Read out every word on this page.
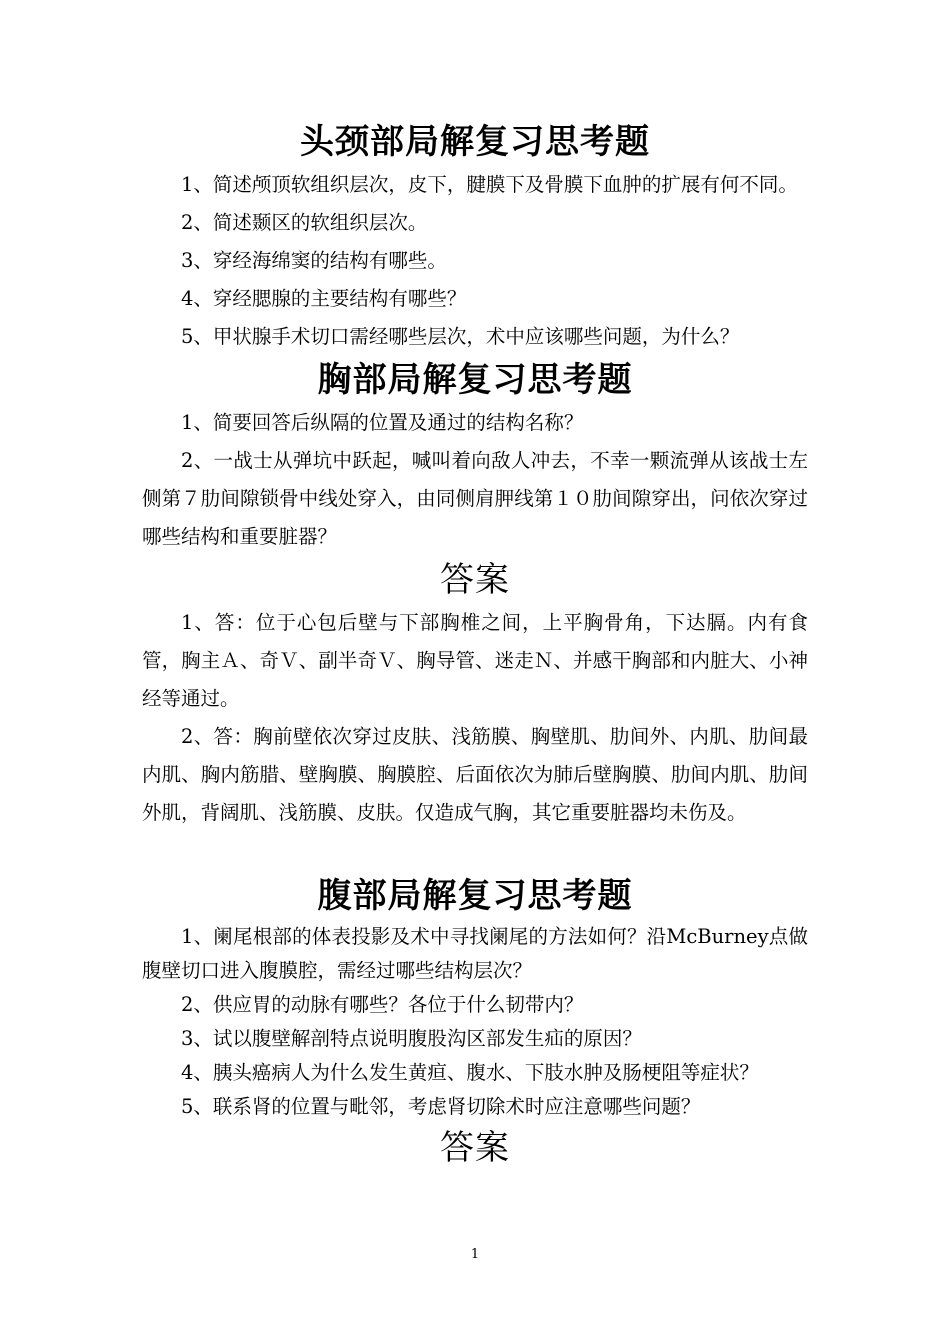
头颈部局解复习思考题

1、简述颅顶软组织层次，皮下，腱膜下及骨膜下血肿的扩展有何不同。

2、简述颞区的软组织层次。

3、穿经海绵窦的结构有哪些。

4、穿经腮腺的主要结构有哪些？

5、甲状腺手术切口需经哪些层次，术中应该哪些问题，为什么？

胸部局解复习思考题

1、简要回答后纵隔的位置及通过的结构名称？

2、一战士从弹坑中跃起，喊叫着向敌人冲去，不幸一颗流弹从该战士左侧第７肋间隙锁骨中线处穿入，由同侧肩胛线第１０肋间隙穿出，问依次穿过哪些结构和重要脏器？

答案

1、答：位于心包后壁与下部胸椎之间，上平胸骨角，下达膈。内有食管，胸主Ａ、奇Ｖ、副半奇Ｖ、胸导管、迷走Ｎ、并感干胸部和内脏大、小神经等通过。

2、答：胸前壁依次穿过皮肤、浅筋膜、胸壁肌、肋间外、内肌、肋间最内肌、胸内筋腊、壁胸膜、胸膜腔、后面依次为肺后壁胸膜、肋间内肌、肋间外肌，背阔肌、浅筋膜、皮肤。仅造成气胸，其它重要脏器均未伤及。

腹部局解复习思考题

1、阑尾根部的体表投影及术中寻找阑尾的方法如何？沿McBurney点做腹壁切口进入腹膜腔，需经过哪些结构层次？

2、供应胃的动脉有哪些？各位于什么韧带内？

3、试以腹壁解剖特点说明腹股沟区部发生疝的原因？

4、胰头癌病人为什么发生黄疸、腹水、下肢水肿及肠梗阻等症状？

5、联系肾的位置与毗邻，考虑肾切除术时应注意哪些问题？

答案
1
